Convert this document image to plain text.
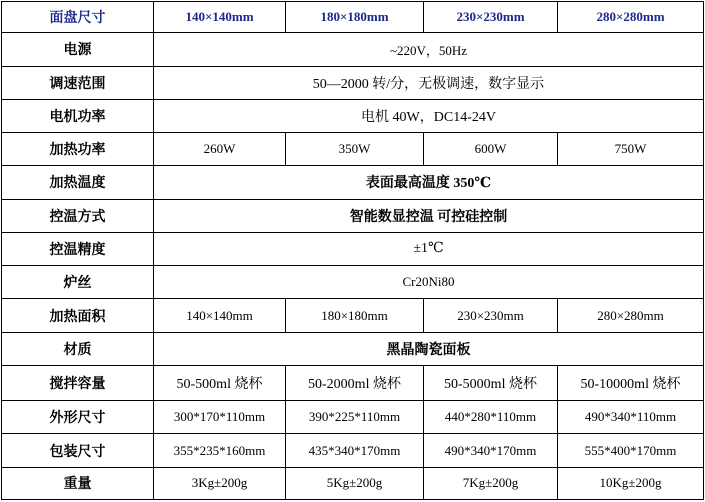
面盘尺寸	140×140mm	180×180mm	230×230mm	280×280mm
电源	~220V，50Hz			
调速范围	50—2000 转/分，无极调速，数字显示			
电机功率	电机 40W，DC14-24V			
加热功率	260W	350W	600W	750W
加热温度	表面最高温度 350℃			
控温方式	智能数显控温 可控硅控制			
控温精度	±1℃			
炉丝	Cr20Ni80			
加热面积	140×140mm	180×180mm	230×230mm	280×280mm
材质	黑晶陶瓷面板			
搅拌容量	50-500ml 烧杯	50-2000ml 烧杯	50-5000ml 烧杯	50-10000ml 烧杯
外形尺寸	300*170*110mm	390*225*110mm	440*280*110mm	490*340*110mm
包装尺寸	355*235*160mm	435*340*170mm	490*340*170mm	555*400*170mm
重量	3Kg±200g	5Kg±200g	7Kg±200g	10Kg±200g
